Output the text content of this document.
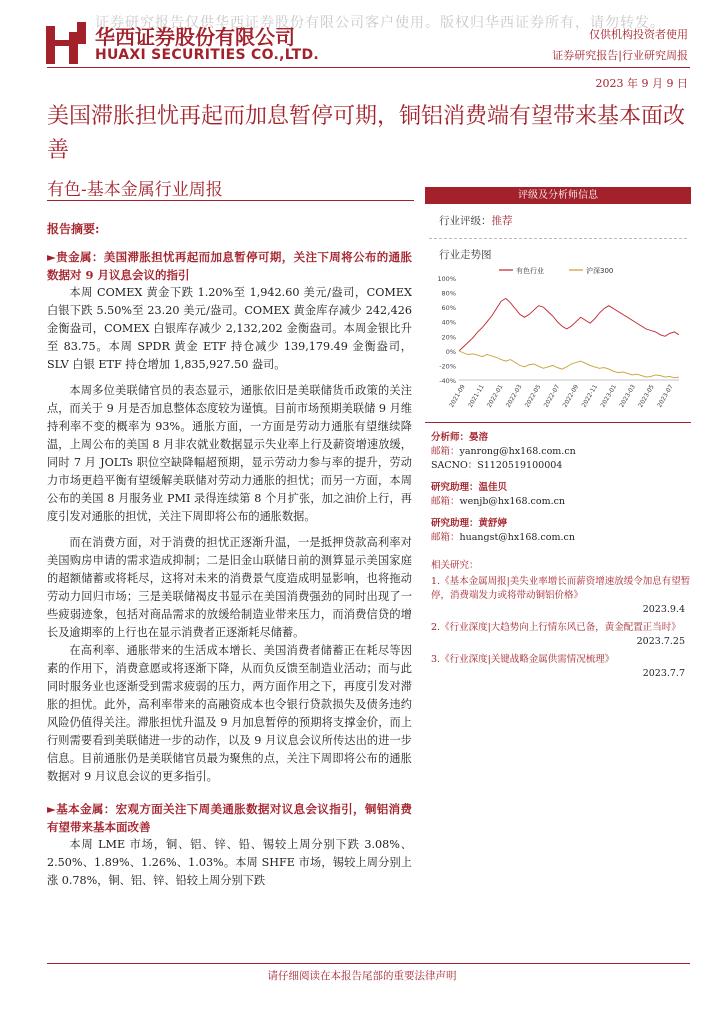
证券研究报告仅供华西证券股份有限公司客户使用。版权归华西证券所有，请勿转发。
华西证券股份有限公司
HUAXI SECURITIES CO.,LTD.
仅供机构投资者使用
证券研究报告|行业研究周报
2023 年 9 月 9 日
美国滞胀担忧再起而加息暂停可期，铜铝消费端有望带来基本面改善
有色-基本金属行业周报
报告摘要:

►贵金属：美国滞胀担忧再起而加息暂停可期，关注下周将公布的通胀数据对 9 月议息会议的指引

本周 COMEX 黄金下跌 1.20%至 1,942.60 美元/盎司，COMEX 白银下跌 5.50%至 23.20 美元/盎司。COMEX 黄金库存减少 242,426 金衡盎司，COMEX 白银库存减少 2,132,202 金衡盎司。本周金银比升至 83.75。本周 SPDR 黄金 ETF 持仓减少 139,179.49 金衡盎司，SLV 白银 ETF 持仓增加 1,835,927.50 盎司。

本周多位美联储官员的表态显示，通胀依旧是美联储货币政策的关注点，而关于 9 月是否加息整体态度较为谨慎。目前市场预期美联储 9 月维持利率不变的概率为 93%。通胀方面，一方面是劳动力通胀有望继续降温，上周公布的美国 8 月非农就业数据显示失业率上行及薪资增速放缓，同时 7 月 JOLTs 职位空缺降幅超预期，显示劳动力参与率的提升，劳动力市场更趋平衡有望缓解美联储对劳动力通胀的担忧；而另一方面，本周公布的美国 8 月服务业 PMI 录得连续第 8 个月扩张，加之油价上行，再度引发对通胀的担忧，关注下周即将公布的通胀数据。

而在消费方面，对于消费的担忧正逐渐升温，一是抵押贷款高利率对美国购房申请的需求造成抑制；二是旧金山联储日前的测算显示美国家庭的超额储蓄或将耗尽，这将对未来的消费景气度造成明显影响，也将拖动劳动力回归市场；三是美联储褐皮书显示在美国消费强劲的同时出现了一些疲弱迹象，包括对商品需求的放缓给制造业带来压力，而消费信贷的增长及逾期率的上行也在显示消费者正逐渐耗尽储蓄。

在高利率、通胀带来的生活成本增长、美国消费者储蓄正在耗尽等因素的作用下，消费意愿或将逐渐下降，从而负反馈至制造业活动；而与此同时服务业也逐渐受到需求疲弱的压力，两方面作用之下，再度引发对滞胀的担忧。此外，高利率带来的高融资成本也令银行贷款损失及债务违约风险仍值得关注。滞胀担忧升温及 9 月加息暂停的预期将支撑金价，而上行则需要看到美联储进一步的动作，以及 9 月议息会议所传达出的进一步信息。目前通胀仍是美联储官员最为聚焦的点，关注下周即将公布的通胀数据对 9 月议息会议的更多指引。

►基本金属：宏观方面关注下周美通胀数据对议息会议指引，铜铝消费有望带来基本面改善

本周 LME 市场，铜、铝、锌、铅、锡较上周分别下跌 3.08%、2.50%、1.89%、1.26%、1.03%。本周 SHFE 市场，锡较上周分别上涨 0.78%，铜、铝、锌、铅较上周分别下跌

评级及分析师信息
行业评级：推荐
行业走势图
100%
80%
60%
40%
20%
0%
-20%
-40%
2021-09 2021-11 2022-01 2022-03 2022-05 2022-07 2022-09 2022-11 2023-01 2023-03 2023-05 2023-07
有色行业	沪深300
分析师：晏溶
邮箱：yanrong@hx168.com.cn
SACNO：S1120519100004
研究助理：温佳贝
邮箱：wenjb@hx168.com.cn
研究助理：黄舒婷
邮箱：huangst@hx168.com.cn
相关研究：
1.《基本金属周报|美失业率增长而薪资增速放缓令加息有望暂停，消费端发力或将带动铜铝价格》
2023.9.4
2.《行业深度|大趋势向上行情东风已备，黄金配置正当时》
2023.7.25
3.《行业深度|关键战略金属供需情况梳理》
2023.7.7
请仔细阅读在本报告尾部的重要法律声明
